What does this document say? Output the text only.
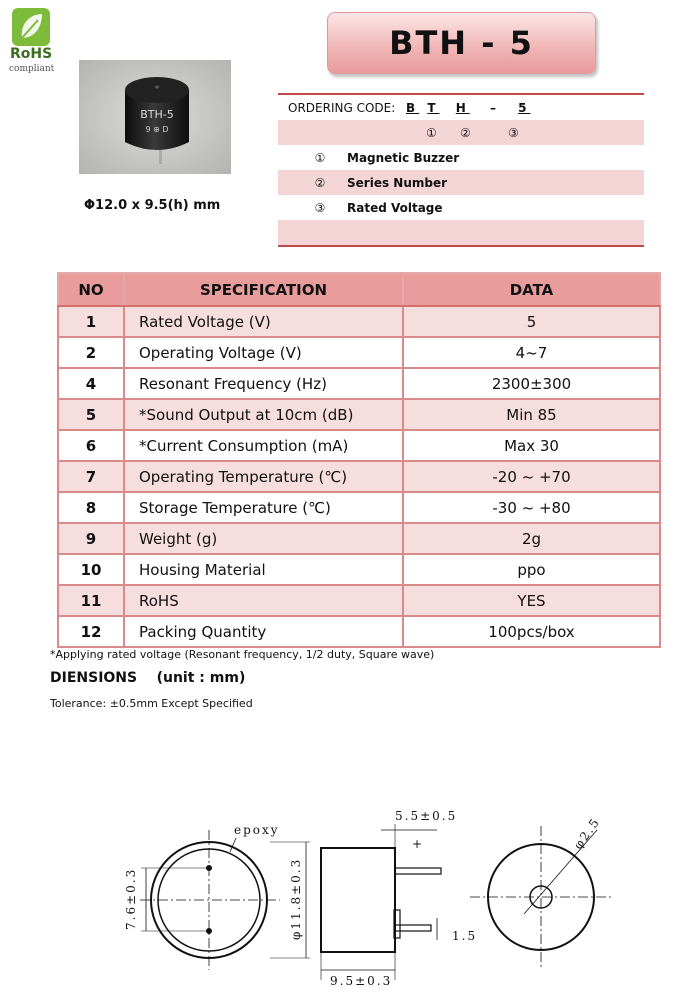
RoHS
compliant
BTH-5
9 ⊕ D
Φ12.0 x 9.5(h) mm
BTH - 5
ORDERING CODE: B T H – 5
①	②	③
①	Magnetic Buzzer
②	Series Number
③	Rated Voltage
NO	SPECIFICATION	DATA
1	Rated Voltage (V)	5
2	Operating Voltage (V)	4~7
4	Resonant Frequency (Hz)	2300±300
5	*Sound Output at 10cm (dB)	Min 85
6	*Current Consumption (mA)	Max 30
7	Operating Temperature (℃)	-20 ~ +70
8	Storage Temperature (℃)	-30 ~ +80
9	Weight (g)	2g
10	Housing Material	ppo
11	RoHS	YES
12	Packing Quantity	100pcs/box
*Applying rated voltage (Resonant frequency, 1/2 duty, Square wave)
DIENSIONS    (unit : mm)
Tolerance: ±0.5mm Except Specified
epoxy
7.6±0.3	φ11.8±0.3
+
5.5±0.5
9.5±0.3
1.5
φ2.5
